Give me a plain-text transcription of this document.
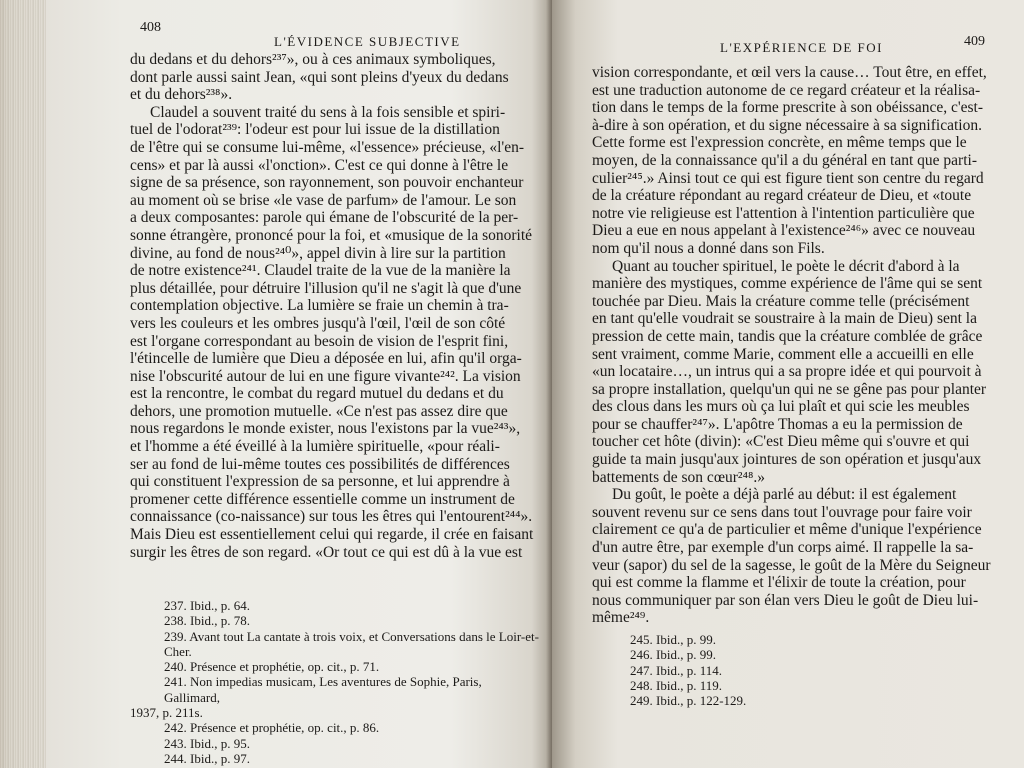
408
L'ÉVIDENCE SUBJECTIVE

du dedans et du dehors²³⁷», ou à ces animaux symboliques,

dont parle aussi saint Jean, «qui sont pleins d'yeux du dedans

et du dehors²³⁸».

Claudel a souvent traité du sens à la fois sensible et spiri-

tuel de l'odorat²³⁹: l'odeur est pour lui issue de la distillation

de l'être qui se consume lui-même, «l'essence» précieuse, «l'en-

cens» et par là aussi «l'onction». C'est ce qui donne à l'être le

signe de sa présence, son rayonnement, son pouvoir enchanteur

au moment où se brise «le vase de parfum» de l'amour. Le son

a deux composantes: parole qui émane de l'obscurité de la per-

sonne étrangère, prononcé pour la foi, et «musique de la sonorité

divine, au fond de nous²⁴⁰», appel divin à lire sur la partition

de notre existence²⁴¹. Claudel traite de la vue de la manière la

plus détaillée, pour détruire l'illusion qu'il ne s'agit là que d'une

contemplation objective. La lumière se fraie un chemin à tra-

vers les couleurs et les ombres jusqu'à l'œil, l'œil de son côté

est l'organe correspondant au besoin de vision de l'esprit fini,

l'étincelle de lumière que Dieu a déposée en lui, afin qu'il orga-

nise l'obscurité autour de lui en une figure vivante²⁴². La vision

est la rencontre, le combat du regard mutuel du dedans et du

dehors, une promotion mutuelle. «Ce n'est pas assez dire que

nous regardons le monde exister, nous l'existons par la vue²⁴³»,

et l'homme a été éveillé à la lumière spirituelle, «pour réali-

ser au fond de lui-même toutes ces possibilités de différences

qui constituent l'expression de sa personne, et lui apprendre à

promener cette différence essentielle comme un instrument de

connaissance (co-naissance) sur tous les êtres qui l'entourent²⁴⁴».

Mais Dieu est essentiellement celui qui regarde, il crée en faisant

surgir les êtres de son regard. «Or tout ce qui est dû à la vue est

237. Ibid., p. 64.
238. Ibid., p. 78.
239. Avant tout La cantate à trois voix, et Conversations dans le Loir-et-Cher.
240. Présence et prophétie, op. cit., p. 71.
241. Non impedias musicam, Les aventures de Sophie, Paris, Gallimard,
1937, p. 211s.
242. Présence et prophétie, op. cit., p. 86.
243. Ibid., p. 95.
244. Ibid., p. 97.
L'EXPÉRIENCE DE FOI	409

vision correspondante, et œil vers la cause… Tout être, en effet,

est une traduction autonome de ce regard créateur et la réalisa-

tion dans le temps de la forme prescrite à son obéissance, c'est-

à-dire à son opération, et du signe nécessaire à sa signification.

Cette forme est l'expression concrète, en même temps que le

moyen, de la connaissance qu'il a du général en tant que parti-

culier²⁴⁵.» Ainsi tout ce qui est figure tient son centre du regard

de la créature répondant au regard créateur de Dieu, et «toute

notre vie religieuse est l'attention à l'intention particulière que

Dieu a eue en nous appelant à l'existence²⁴⁶» avec ce nouveau

nom qu'il nous a donné dans son Fils.

Quant au toucher spirituel, le poète le décrit d'abord à la

manière des mystiques, comme expérience de l'âme qui se sent

touchée par Dieu. Mais la créature comme telle (précisément

en tant qu'elle voudrait se soustraire à la main de Dieu) sent la

pression de cette main, tandis que la créature comblée de grâce

sent vraiment, comme Marie, comment elle a accueilli en elle

«un locataire…, un intrus qui a sa propre idée et qui pourvoit à

sa propre installation, quelqu'un qui ne se gêne pas pour planter

des clous dans les murs où ça lui plaît et qui scie les meubles

pour se chauffer²⁴⁷». L'apôtre Thomas a eu la permission de

toucher cet hôte (divin): «C'est Dieu même qui s'ouvre et qui

guide ta main jusqu'aux jointures de son opération et jusqu'aux

battements de son cœur²⁴⁸.»

Du goût, le poète a déjà parlé au début: il est également

souvent revenu sur ce sens dans tout l'ouvrage pour faire voir

clairement ce qu'a de particulier et même d'unique l'expérience

d'un autre être, par exemple d'un corps aimé. Il rappelle la sa-

veur (sapor) du sel de la sagesse, le goût de la Mère du Seigneur

qui est comme la flamme et l'élixir de toute la création, pour

nous communiquer par son élan vers Dieu le goût de Dieu lui-

même²⁴⁹.

245. Ibid., p. 99.
246. Ibid., p. 99.
247. Ibid., p. 114.
248. Ibid., p. 119.
249. Ibid., p. 122-129.
